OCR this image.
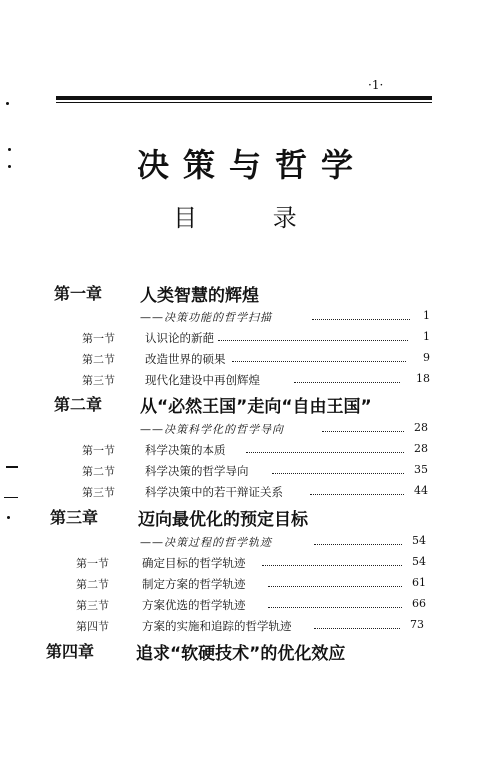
·1·
决策与哲学
目 录
第一章 人类智慧的辉煌
——决策功能的哲学扫描	1
第一节	认识论的新葩	1
第二节	改造世界的硕果	9
第三节	现代化建设中再创辉煌	18
第二章 从“必然王国”走向“自由王国”
——决策科学化的哲学导向	28
第一节	科学决策的本质	28
第二节	科学决策的哲学导向	35
第三节	科学决策中的若干辩证关系	44
第三章 迈向最优化的预定目标
——决策过程的哲学轨迹	54
第一节	确定目标的哲学轨迹	54
第二节	制定方案的哲学轨迹	61
第三节	方案优选的哲学轨迹	66
第四节	方案的实施和追踪的哲学轨迹	73
第四章 追求“软硬技术”的优化效应
